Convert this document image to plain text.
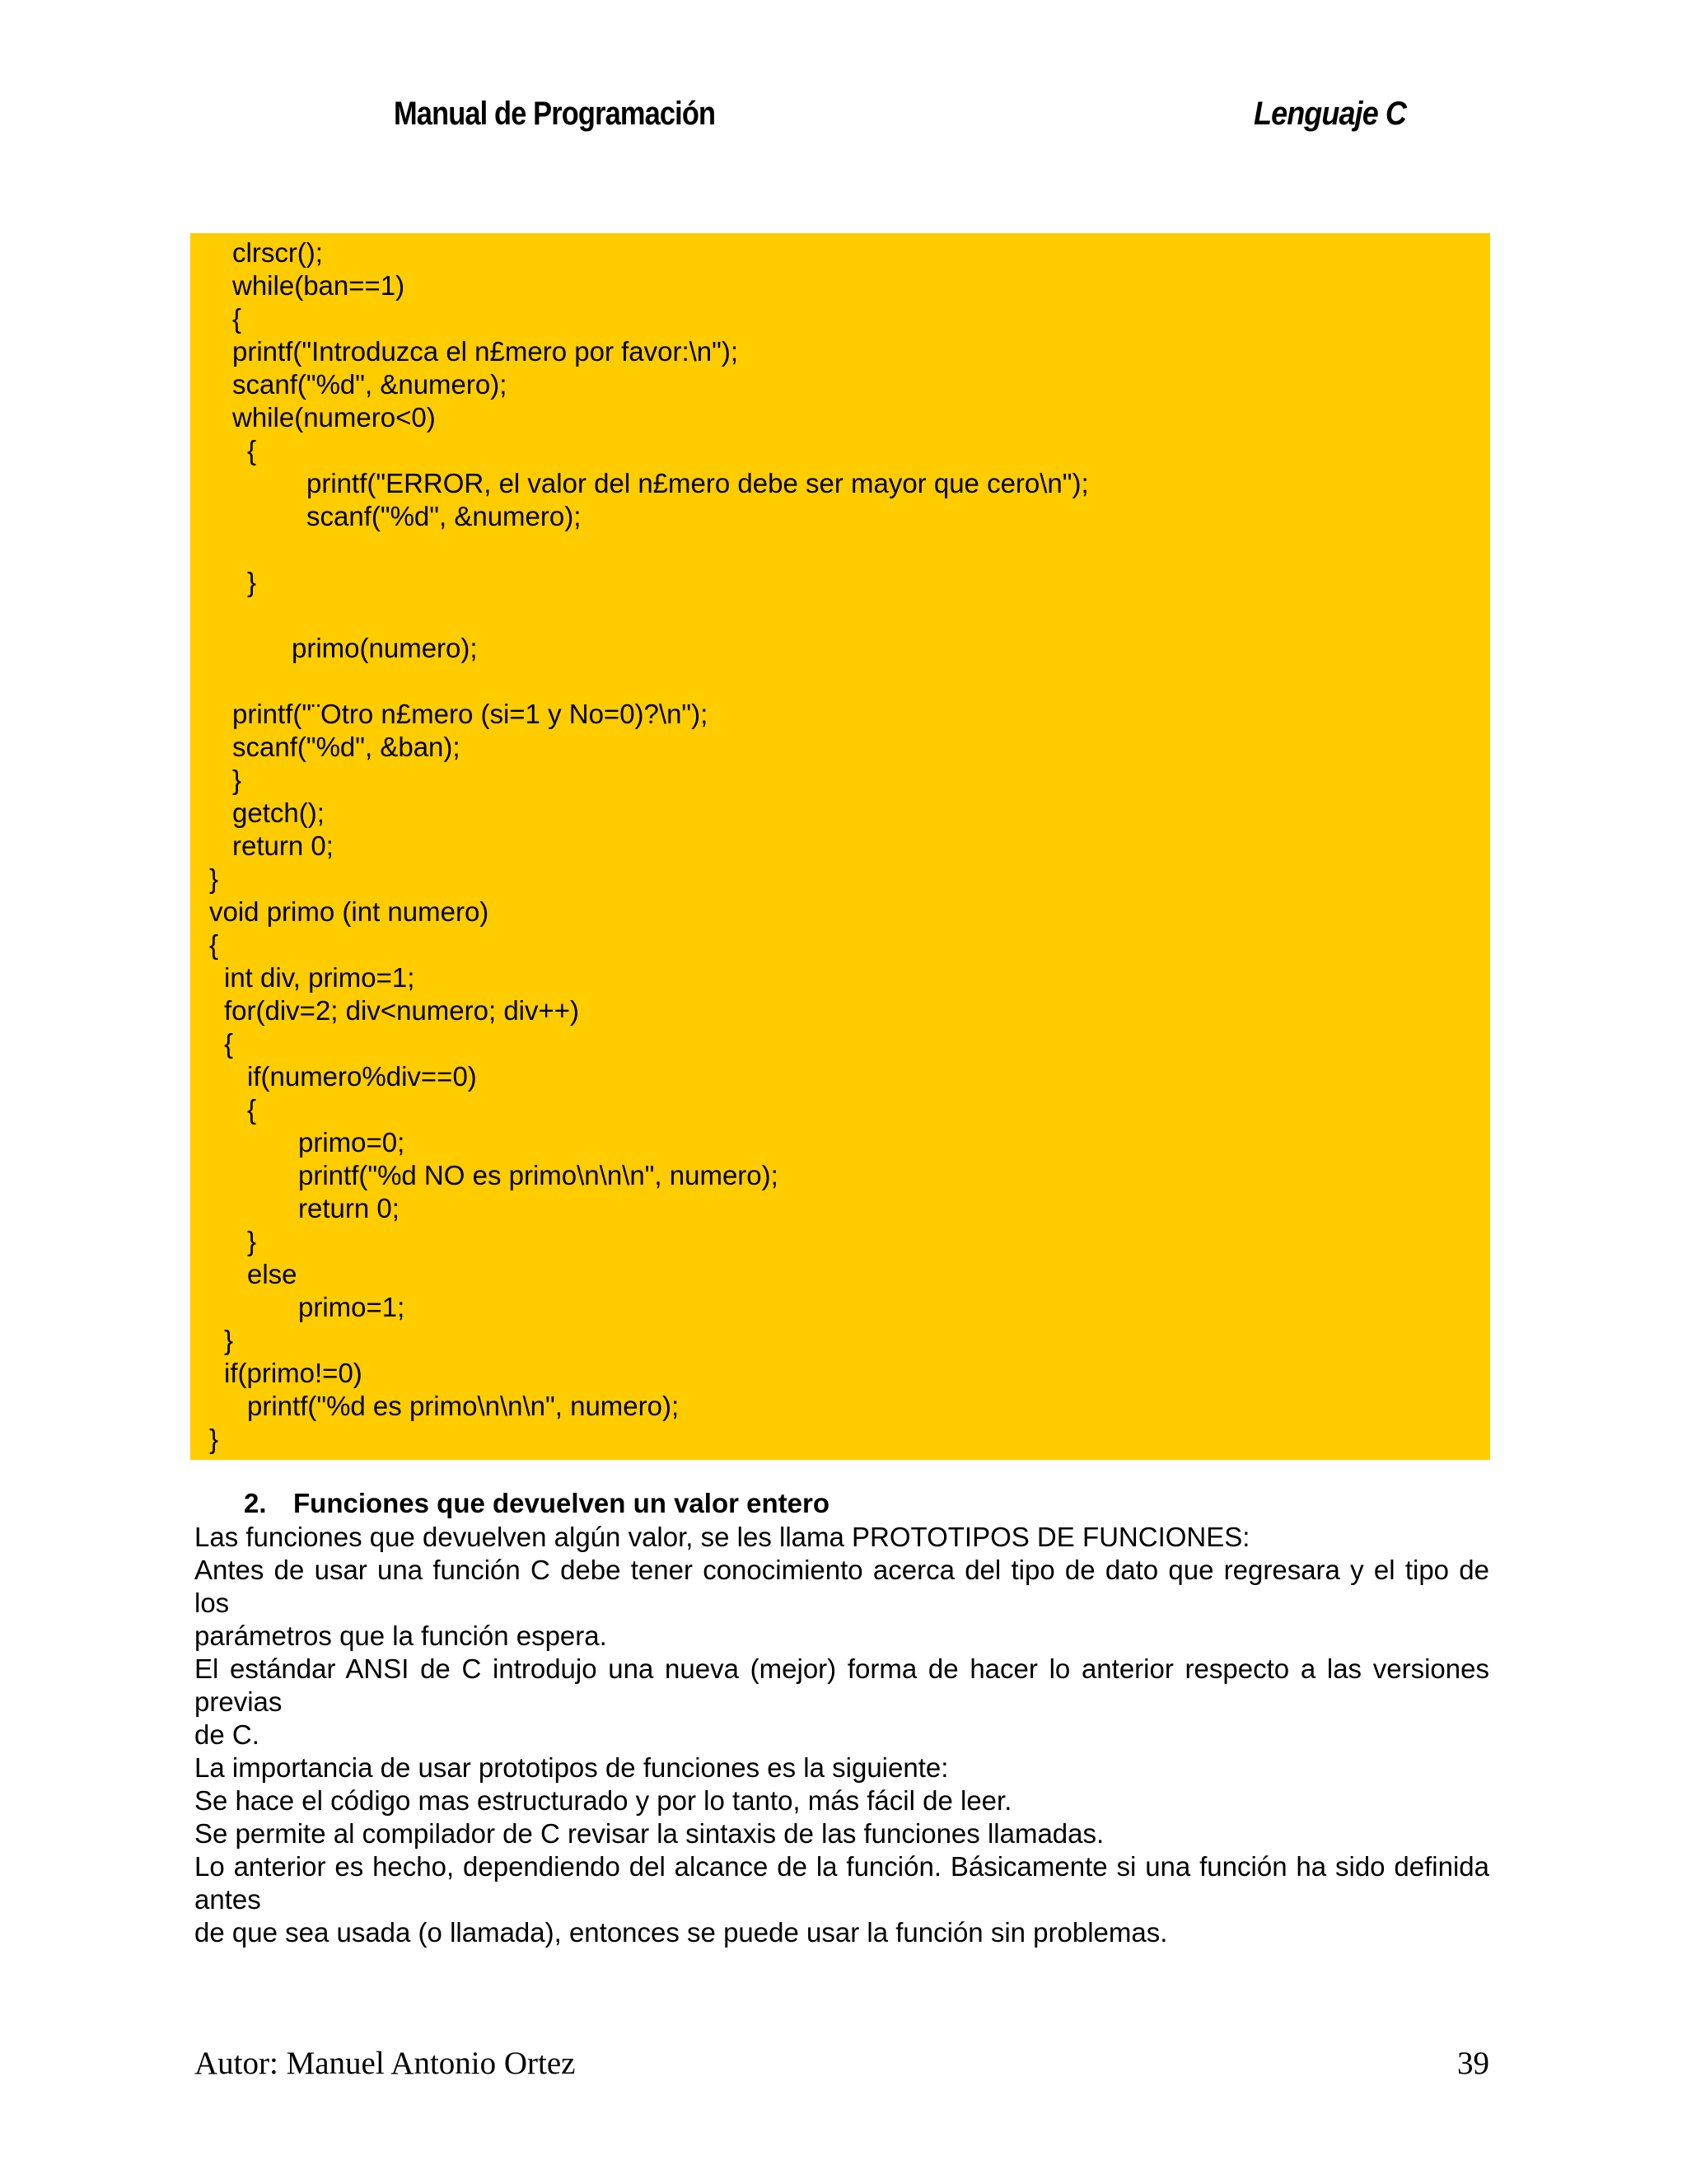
Manual de Programación	Lenguaje C
clrscr();
while(ban==1)
{
printf("Introduzca el n£mero por favor:\n");
scanf("%d", &numero);
while(numero<0)
{
printf("ERROR, el valor del n£mero debe ser mayor que cero\n");
scanf("%d", &numero);
}
primo(numero);
printf("¨Otro n£mero (si=1 y No=0)?\n");
scanf("%d", &ban);
}
getch();
return 0;
}
void primo (int numero)
{
int div, primo=1;
for(div=2; div<numero; div++)
{
if(numero%div==0)
{
primo=0;
printf("%d NO es primo\n\n\n", numero);
return 0;
}
else
primo=1;
}
if(primo!=0)
printf("%d es primo\n\n\n", numero);
}
2. Funciones que devuelven un valor entero

Las funciones que devuelven algún valor, se les llama PROTOTIPOS DE FUNCIONES:

Antes de usar una función C debe tener conocimiento acerca del tipo de dato que regresara y el tipo de

los

parámetros que la función espera.

El estándar ANSI de C introdujo una nueva (mejor) forma de hacer lo anterior respecto a las versiones

previas

de C.

La importancia de usar prototipos de funciones es la siguiente:

Se hace el código mas estructurado y por lo tanto, más fácil de leer.

Se permite al compilador de C revisar la sintaxis de las funciones llamadas.

Lo anterior es hecho, dependiendo del alcance de la función. Básicamente si una función ha sido definida

antes

de que sea usada (o llamada), entonces se puede usar la función sin problemas.

Autor: Manuel Antonio Ortez	39
